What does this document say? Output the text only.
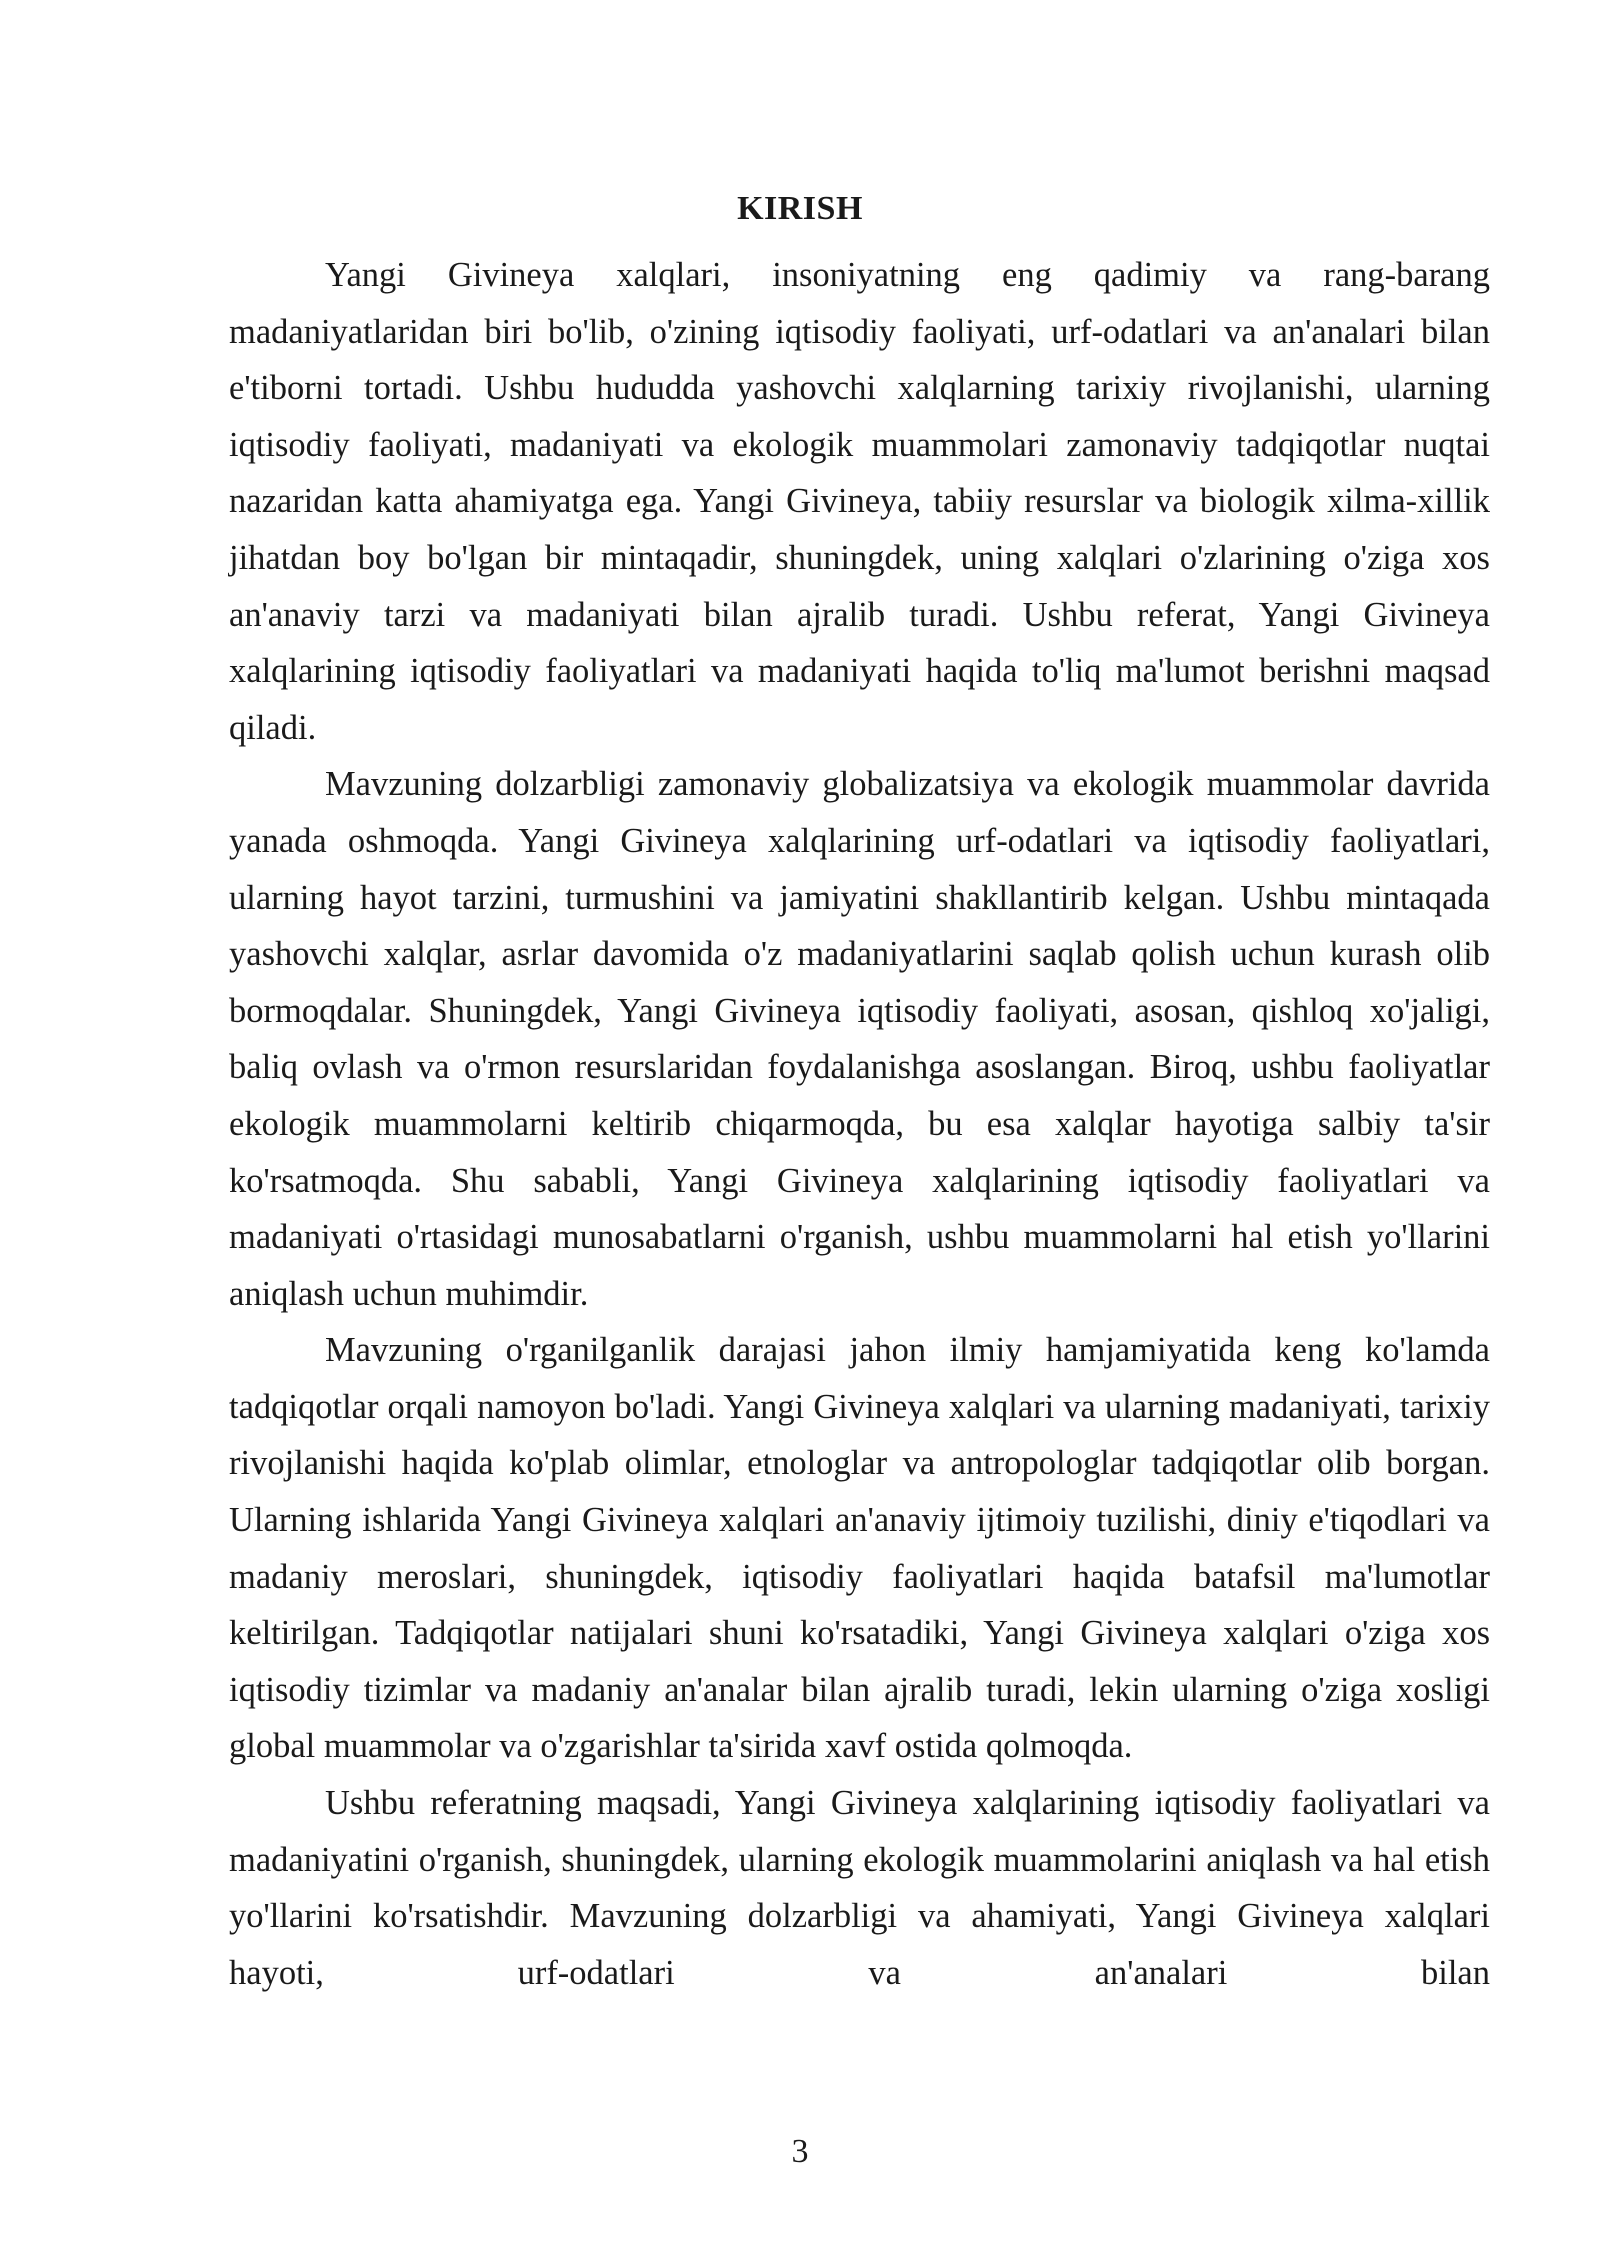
KIRISH

Yangi Givineya xalqlari, insoniyatning eng qadimiy va rang-barang madaniyatlaridan biri bo'lib, o'zining iqtisodiy faoliyati, urf-odatlari va an'analari bilan e'tiborni tortadi. Ushbu hududda yashovchi xalqlarning tarixiy rivojlanishi, ularning iqtisodiy faoliyati, madaniyati va ekologik muammolari zamonaviy tadqiqotlar nuqtai nazaridan katta ahamiyatga ega. Yangi Givineya, tabiiy resurslar va biologik xilma-xillik jihatdan boy bo'lgan bir mintaqadir, shuningdek, uning xalqlari o'zlarining o'ziga xos an'anaviy tarzi va madaniyati bilan ajralib turadi. Ushbu referat, Yangi Givineya xalqlarining iqtisodiy faoliyatlari va madaniyati haqida to'liq ma'lumot berishni maqsad qiladi.

Mavzuning dolzarbligi zamonaviy globalizatsiya va ekologik muammolar davrida yanada oshmoqda. Yangi Givineya xalqlarining urf-odatlari va iqtisodiy faoliyatlari, ularning hayot tarzini, turmushini va jamiyatini shakllantirib kelgan. Ushbu mintaqada yashovchi xalqlar, asrlar davomida o'z madaniyatlarini saqlab qolish uchun kurash olib bormoqdalar. Shuningdek, Yangi Givineya iqtisodiy faoliyati, asosan, qishloq xo'jaligi, baliq ovlash va o'rmon resurslaridan foydalanishga asoslangan. Biroq, ushbu faoliyatlar ekologik muammolarni keltirib chiqarmoqda, bu esa xalqlar hayotiga salbiy ta'sir ko'rsatmoqda. Shu sababli, Yangi Givineya xalqlarining iqtisodiy faoliyatlari va madaniyati o'rtasidagi munosabatlarni o'rganish, ushbu muammolarni hal etish yo'llarini aniqlash uchun muhimdir.

Mavzuning o'rganilganlik darajasi jahon ilmiy hamjamiyatida keng ko'lamda tadqiqotlar orqali namoyon bo'ladi. Yangi Givineya xalqlari va ularning madaniyati, tarixiy rivojlanishi haqida ko'plab olimlar, etnologlar va antropologlar tadqiqotlar olib borgan. Ularning ishlarida Yangi Givineya xalqlari an'anaviy ijtimoiy tuzilishi, diniy e'tiqodlari va madaniy meroslari, shuningdek, iqtisodiy faoliyatlari haqida batafsil ma'lumotlar keltirilgan. Tadqiqotlar natijalari shuni ko'rsatadiki, Yangi Givineya xalqlari o'ziga xos iqtisodiy tizimlar va madaniy an'analar bilan ajralib turadi, lekin ularning o'ziga xosligi global muammolar va o'zgarishlar ta'sirida xavf ostida qolmoqda.

Ushbu referatning maqsadi, Yangi Givineya xalqlarining iqtisodiy faoliyatlari va madaniyatini o'rganish, shuningdek, ularning ekologik muammolarini aniqlash va hal etish yo'llarini ko'rsatishdir. Mavzuning dolzarbligi va ahamiyati, Yangi Givineya xalqlari hayoti, urf-odatlari va an'analari bilan

3
